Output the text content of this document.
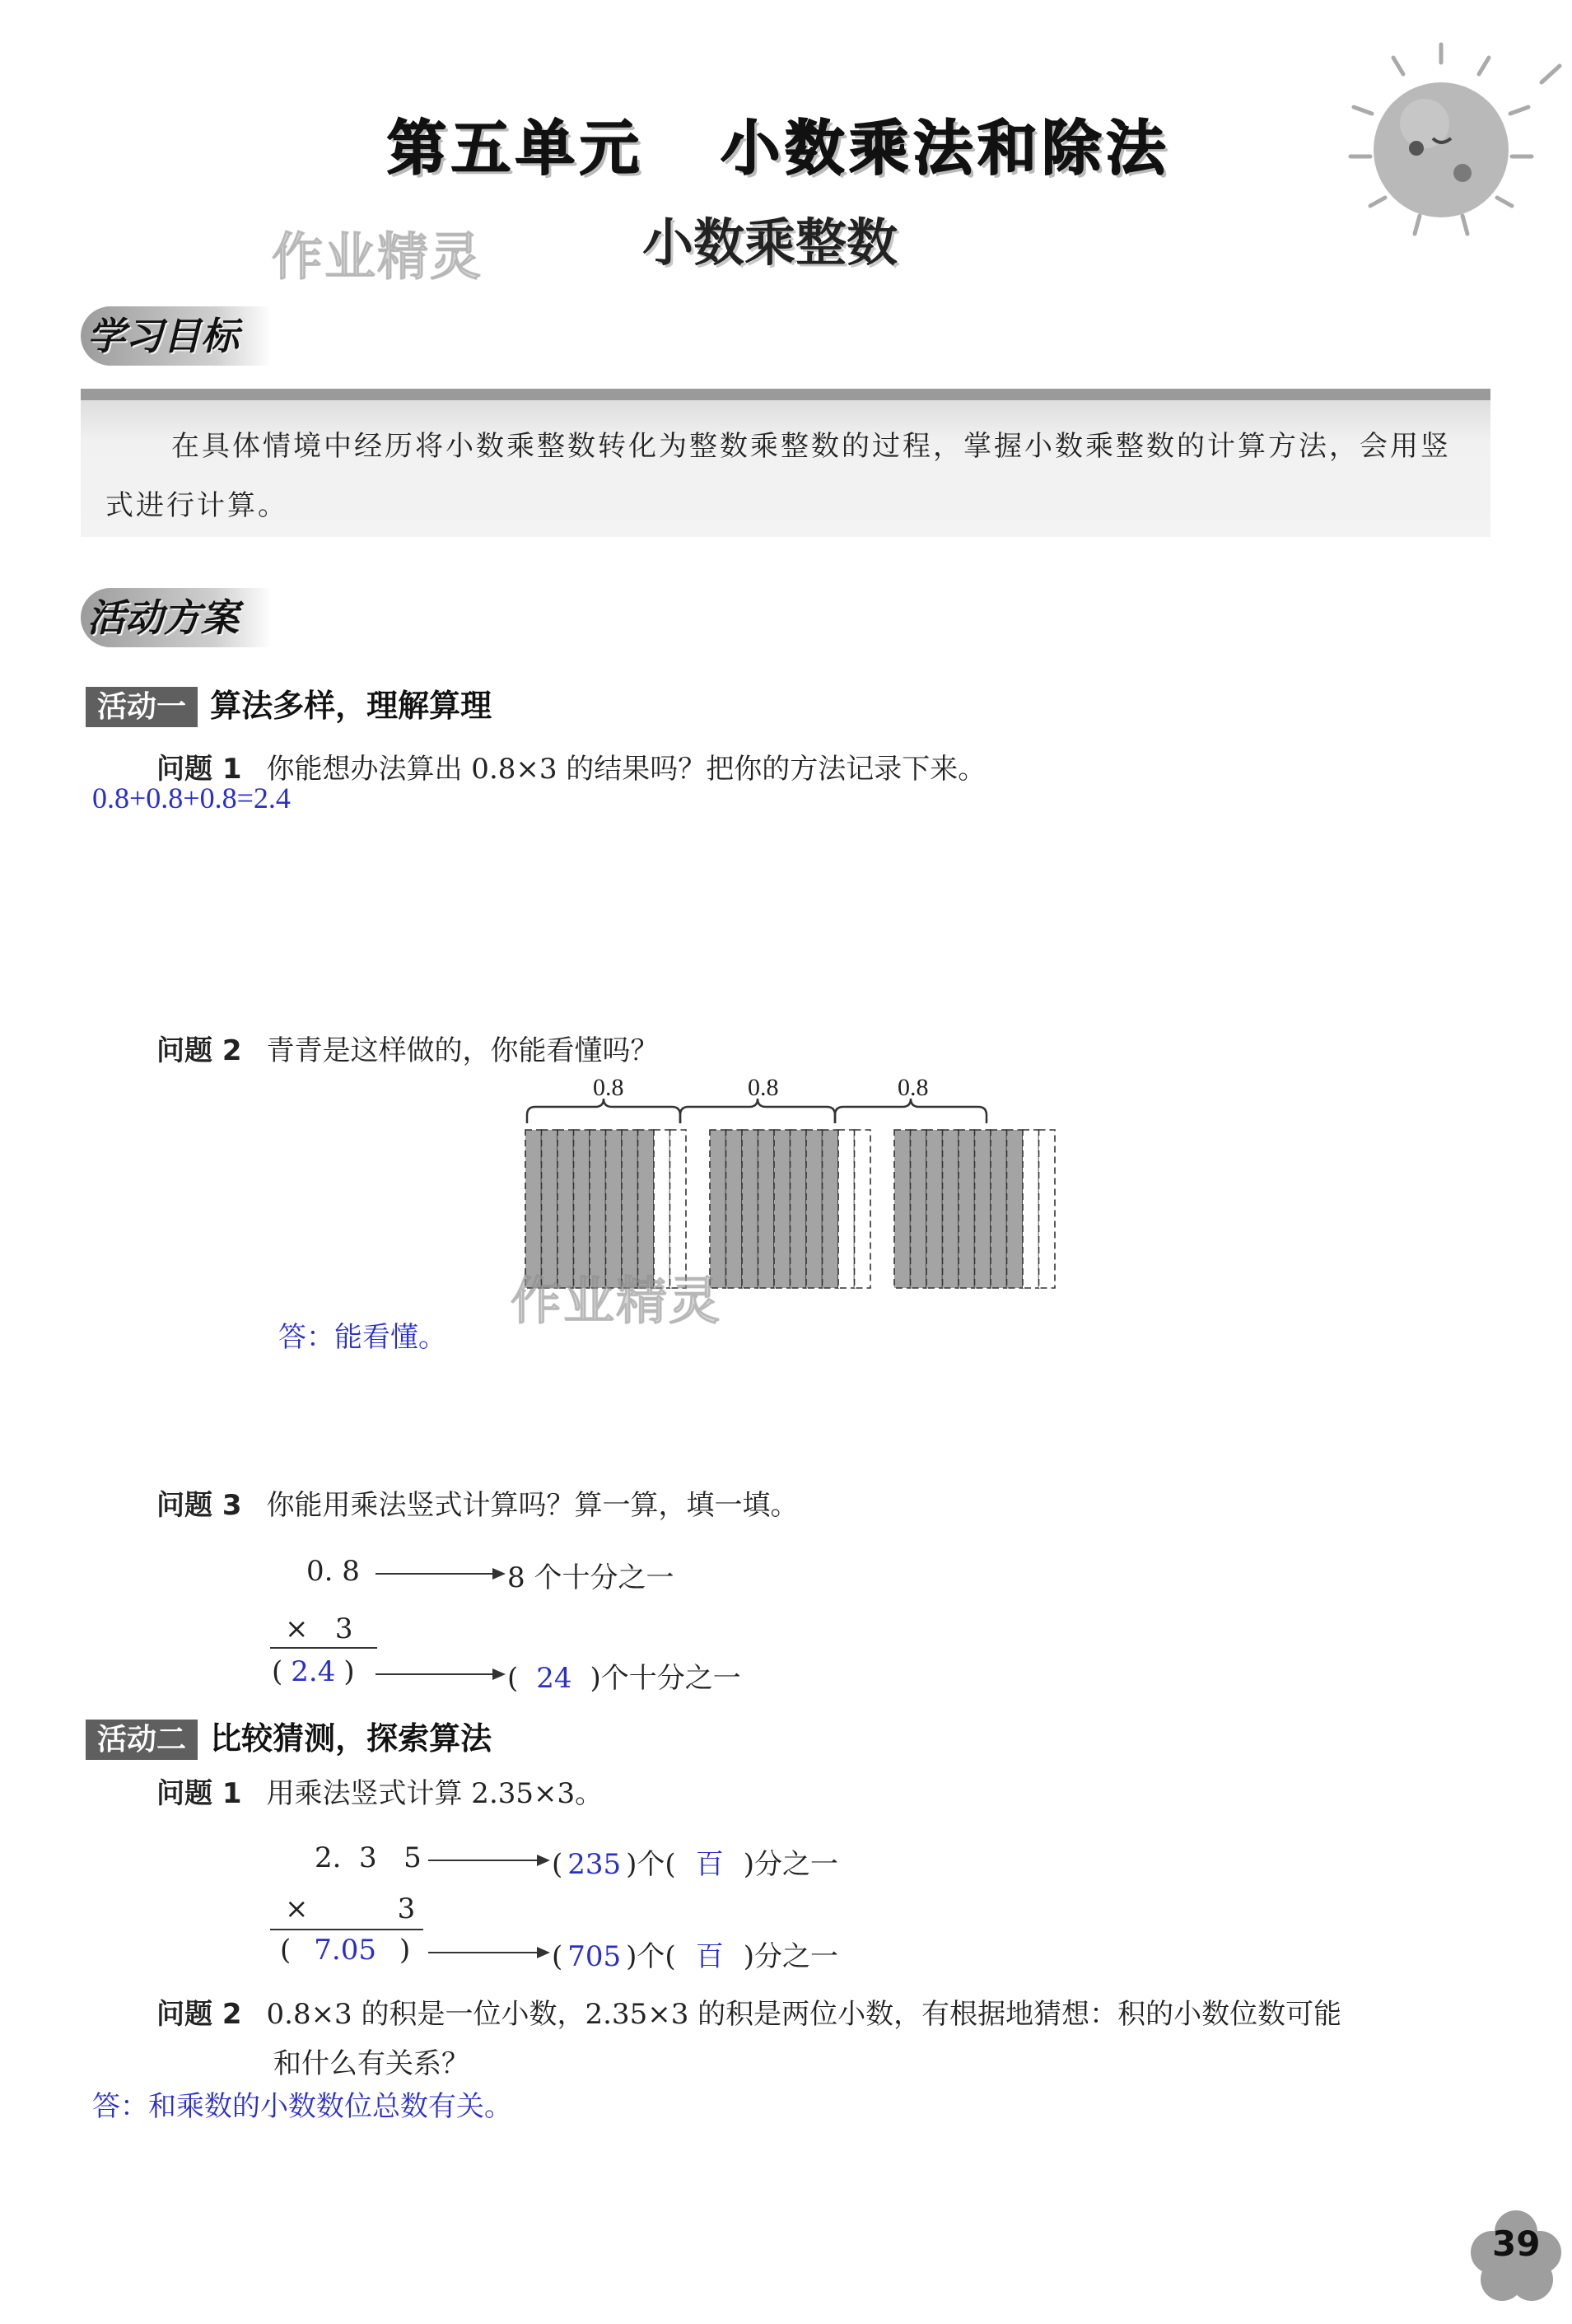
第五单元   小数乘法和除法
小数乘整数
作业精灵
学习目标
在具体情境中经历将小数乘整数转化为整数乘整数的过程，掌握小数乘整数的计算方法，会用竖式进行计算。
活动方案
活动一 算法多样，理解算理
问题 1 你能想办法算出 0.8×3 的结果吗？把你的方法记录下来。
0.8+0.8+0.8=2.4
问题 2 青青是这样做的，你能看懂吗？
0.8	0.8	0.8
作业精灵
答：能看懂。
问题 3 你能用乘法竖式计算吗？算一算，填一填。
0. 8	8 个十分之一
×   3
( 2.4 )	( 24 )个十分之一
活动二 比较猜测，探索算法
问题 1 用乘法竖式计算 2.35×3。
2.  3   5	( 235 )个( 百 )分之一
×          3
( 7.05 )	( 705 )个( 百 )分之一
问题 2 0.8×3 的积是一位小数，2.35×3 的积是两位小数，有根据地猜想：积的小数位数可能
和什么有关系？
答：和乘数的小数数位总数有关。
39
